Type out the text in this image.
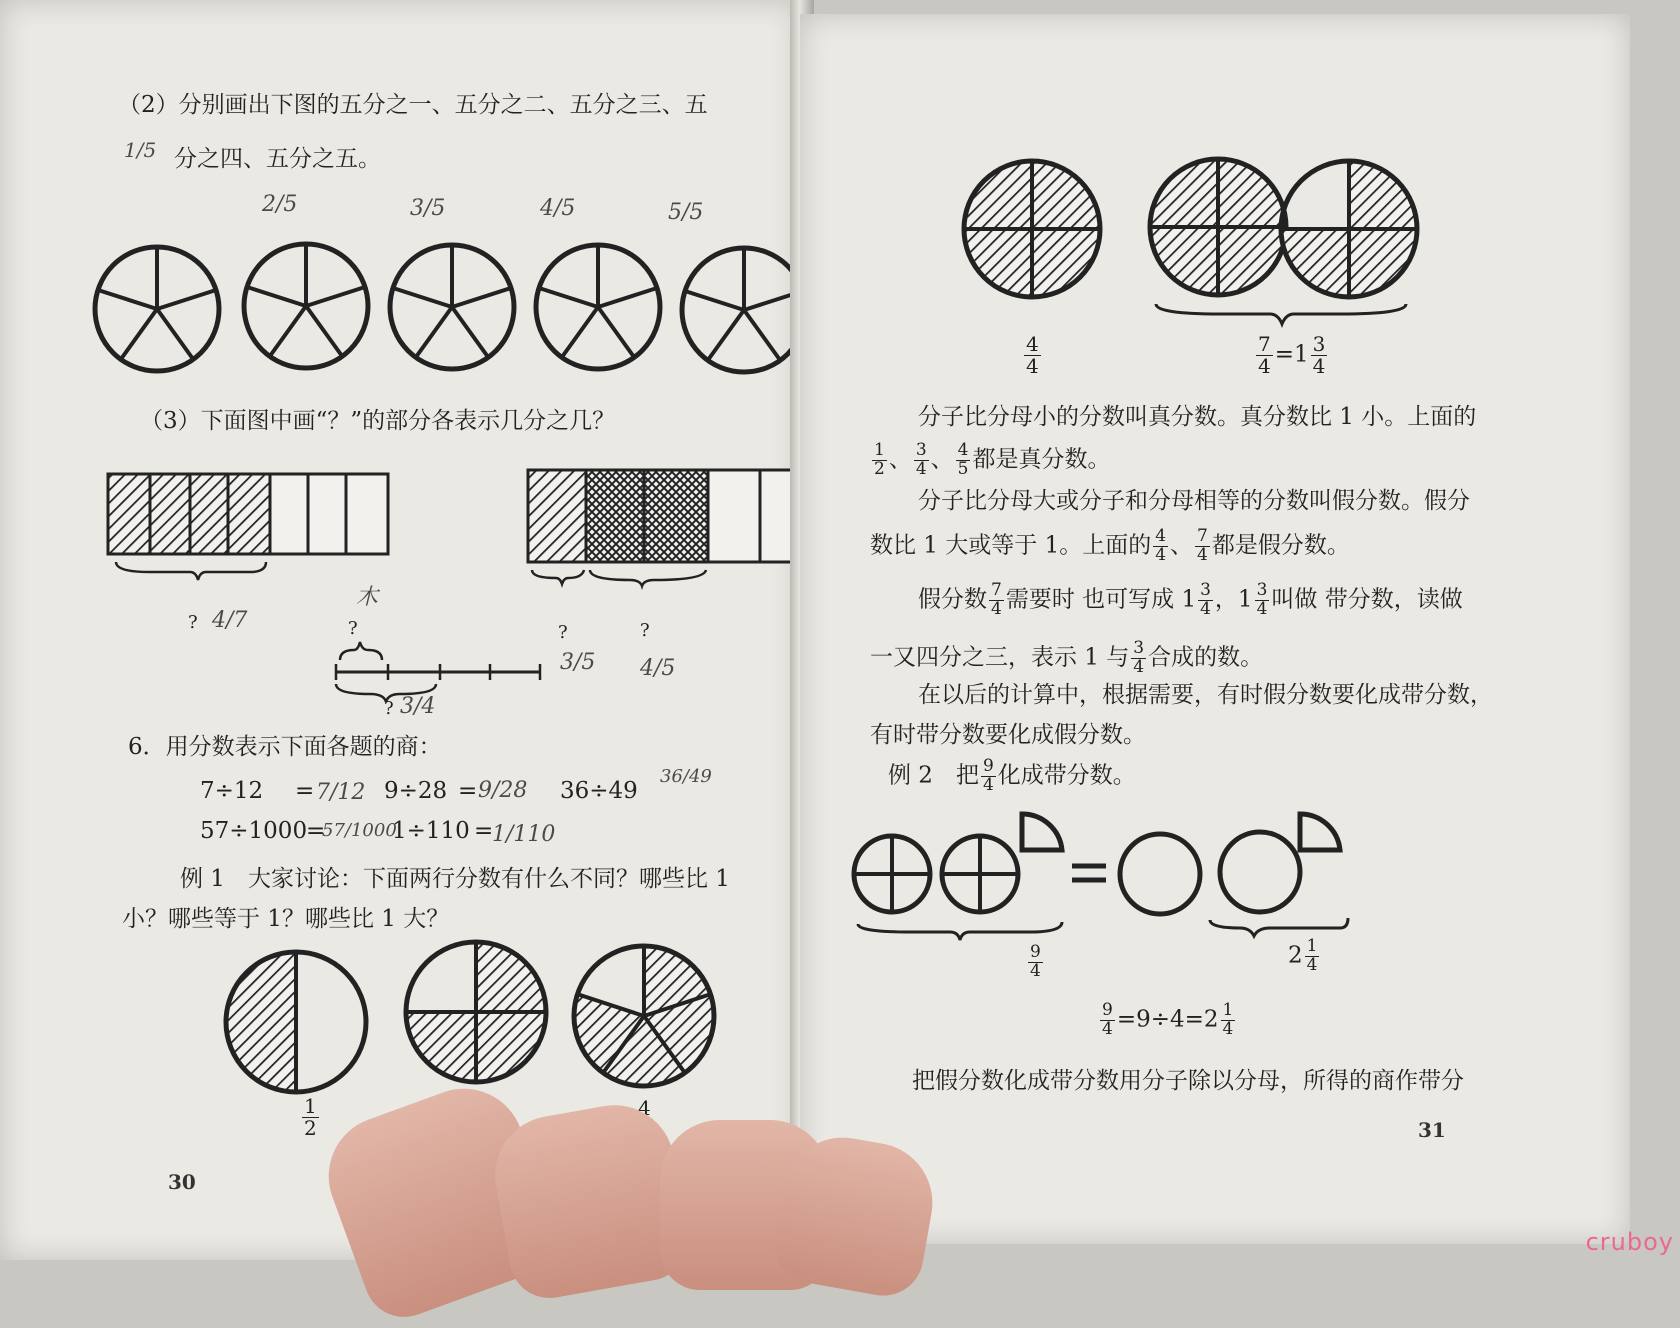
（2）分别画出下图的五分之一、五分之二、五分之三、五
分之四、五分之五。
1/5
2/5	3/5	4/5	5/5
（3）下面图中画“？”的部分各表示几分之几？
? 4/7	?
木
?
3/5
?
4/5
? 3/4
6．用分数表示下面各题的商：
7÷12 = 7/12 9÷28 = 9/28 36÷49
36/49
57÷1000
=
57/1000
1÷110 =
1/110
例 1　大家讨论：下面两行分数有什么不同？哪些比 1
小？哪些等于 1？哪些比 1 大？
$\frac{1}{2}$	4
30
$\frac{4}{4}$	$\frac{7}{4} =1 \frac{3}{4}$
分子比分母小的分数叫真分数。真分数比 1 小。上面的
$\frac{1}{2}$ 、 $\frac{3}{4}$ 、 $\frac{4}{5}$ 都是真分数。
分子比分母大或分子和分母相等的分数叫假分数。假分
数比 1 大或等于 1。上面的 $\frac{4}{4}$ 、 $\frac{7}{4}$ 都是假分数。
假分数 $\frac{7}{4}$ 需要时 也可写成 $1 \frac{3}{4}$ ，$1 \frac{3}{4}$ 叫做 带分数，读做
一又四分之三，表示 1 与 $\frac{3}{4}$ 合成的数。
在以后的计算中，根据需要，有时假分数要化成带分数，
有时带分数要化成假分数。
例 2　把 $\frac{9}{4}$ 化成带分数。
$\frac{9}{4}$	$2 \frac{1}{4}$
$\frac{9}{4} =9\div 4=2 \frac{1}{4}$
把假分数化成带分数用分子除以分母，所得的商作带分
31
cruboy
